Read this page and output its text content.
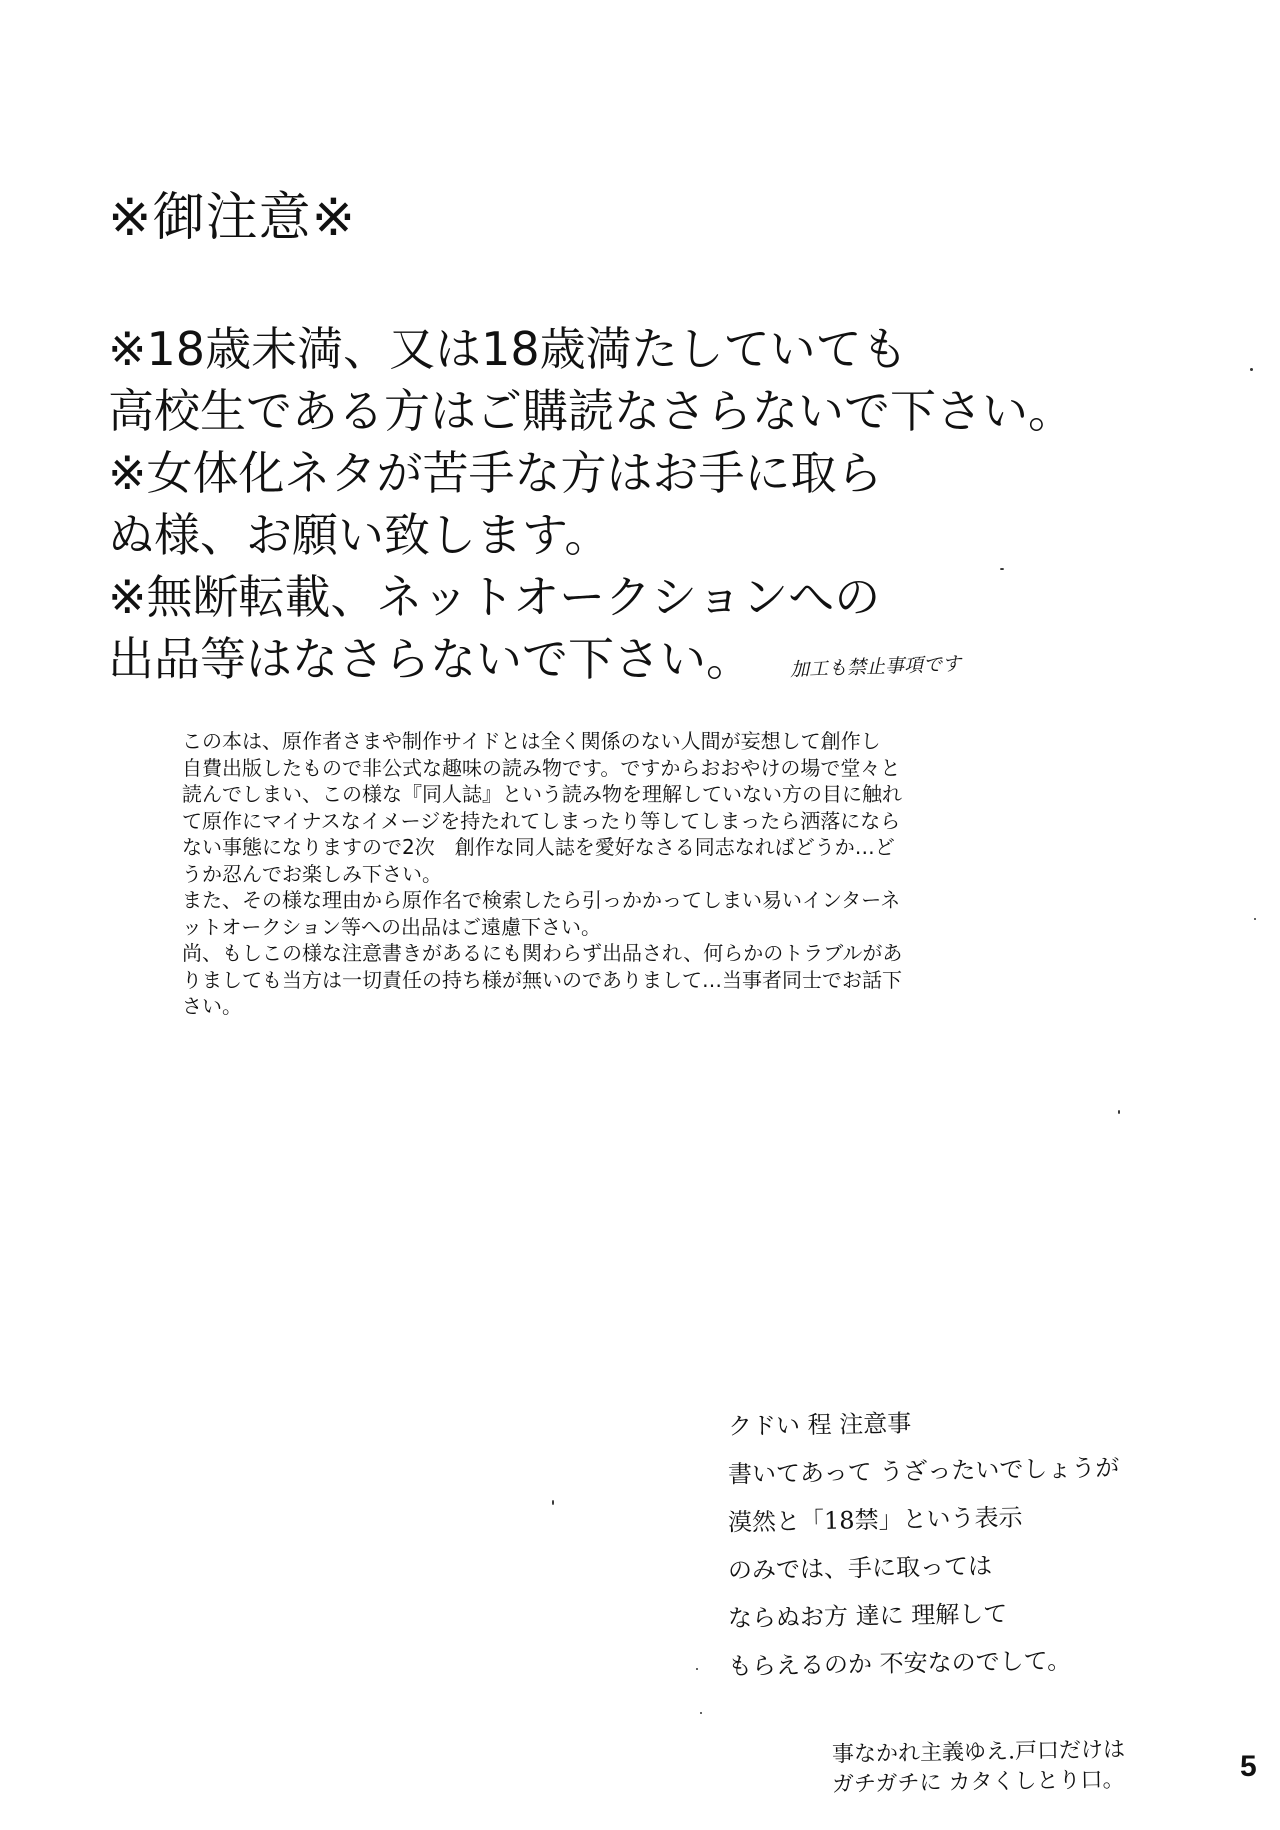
※御注意※
※18歳未満、又は18歳満たしていても
高校生である方はご購読なさらないで下さい。
※女体化ネタが苦手な方はお手に取ら
ぬ様、お願い致します。
※無断転載、ネットオークションへの
出品等はなさらないで下さい。	加工も禁止事項です
この本は、原作者さまや制作サイドとは全く関係のない人間が妄想して創作し
自費出版したもので非公式な趣味の読み物です。ですからおおやけの場で堂々と
読んでしまい、この様な『同人誌』という読み物を理解していない方の目に触れ
て原作にマイナスなイメージを持たれてしまったり等してしまったら洒落になら
ない事態になりますので2次　創作な同人誌を愛好なさる同志なればどうか…ど
うか忍んでお楽しみ下さい。
また、その様な理由から原作名で検索したら引っかかってしまい易いインターネ
ットオークション等への出品はご遠慮下さい。
尚、もしこの様な注意書きがあるにも関わらず出品され、何らかのトラブルがあ
りましても当方は一切責任の持ち様が無いのでありまして…当事者同士でお話下
さい。
クドい 程 注意事
書いてあって うざったいでしょうが
漠然と「18禁」という表示
のみでは、手に取っては
ならぬお方 達に 理解して
もらえるのか 不安なのでして。
事なかれ主義ゆえ.戸口だけは
ガチガチに カタくしとり口。	5
